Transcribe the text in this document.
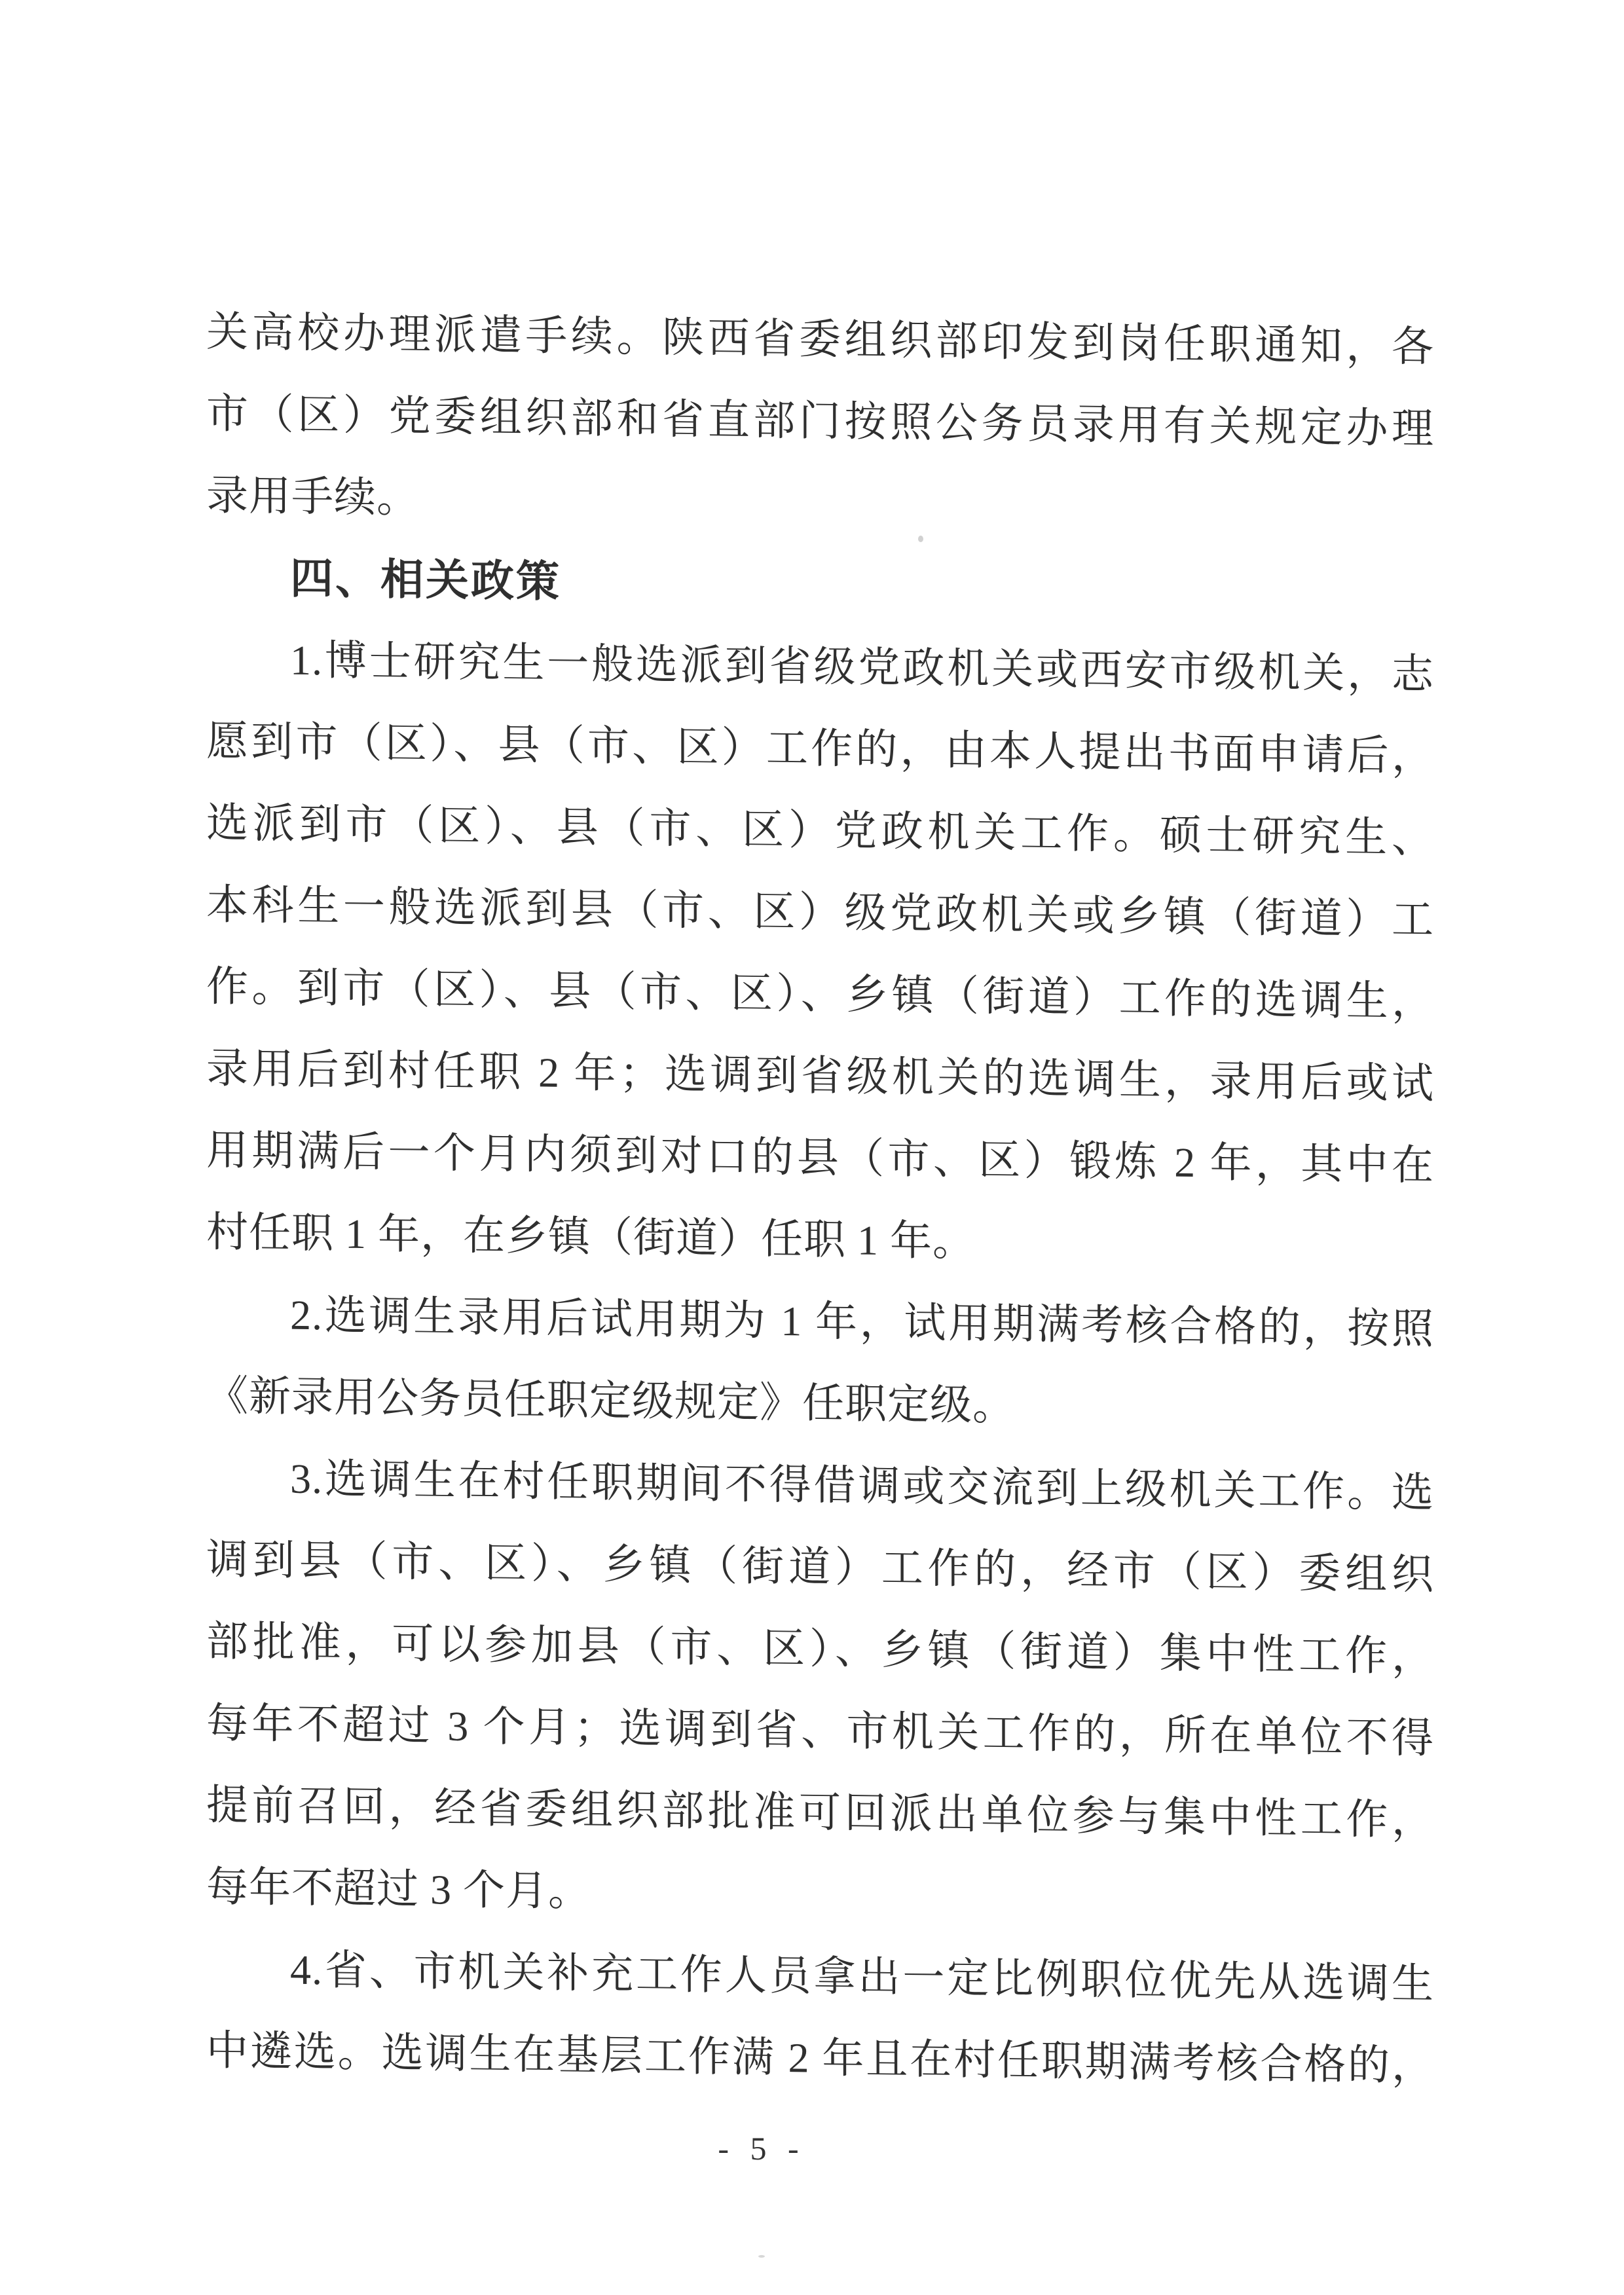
关高校办理派遣手续。陕西省委组织部印发到岗任职通知，各
市（区）党委组织部和省直部门按照公务员录用有关规定办理
录用手续。
四、相关政策
1.博士研究生一般选派到省级党政机关或西安市级机关，志
愿到市（区）、县（市、区）工作的，由本人提出书面申请后，
选派到市（区）、县（市、区）党政机关工作。硕士研究生、
本科生一般选派到县（市、区）级党政机关或乡镇（街道）工
作。到市（区）、县（市、区）、乡镇（街道）工作的选调生，
录用后到村任职 2 年；选调到省级机关的选调生，录用后或试
用期满后一个月内须到对口的县（市、区）锻炼 2 年，其中在
村任职 1 年，在乡镇（街道）任职 1 年。
2.选调生录用后试用期为 1 年，试用期满考核合格的，按照
《新录用公务员任职定级规定》任职定级。
3.选调生在村任职期间不得借调或交流到上级机关工作。选
调到县（市、区）、乡镇（街道）工作的，经市（区）委组织
部批准，可以参加县（市、区）、乡镇（街道）集中性工作，
每年不超过 3 个月；选调到省、市机关工作的，所在单位不得
提前召回，经省委组织部批准可回派出单位参与集中性工作，
每年不超过 3 个月。
4.省、市机关补充工作人员拿出一定比例职位优先从选调生
中遴选。选调生在基层工作满 2 年且在村任职期满考核合格的，
- 5 -
